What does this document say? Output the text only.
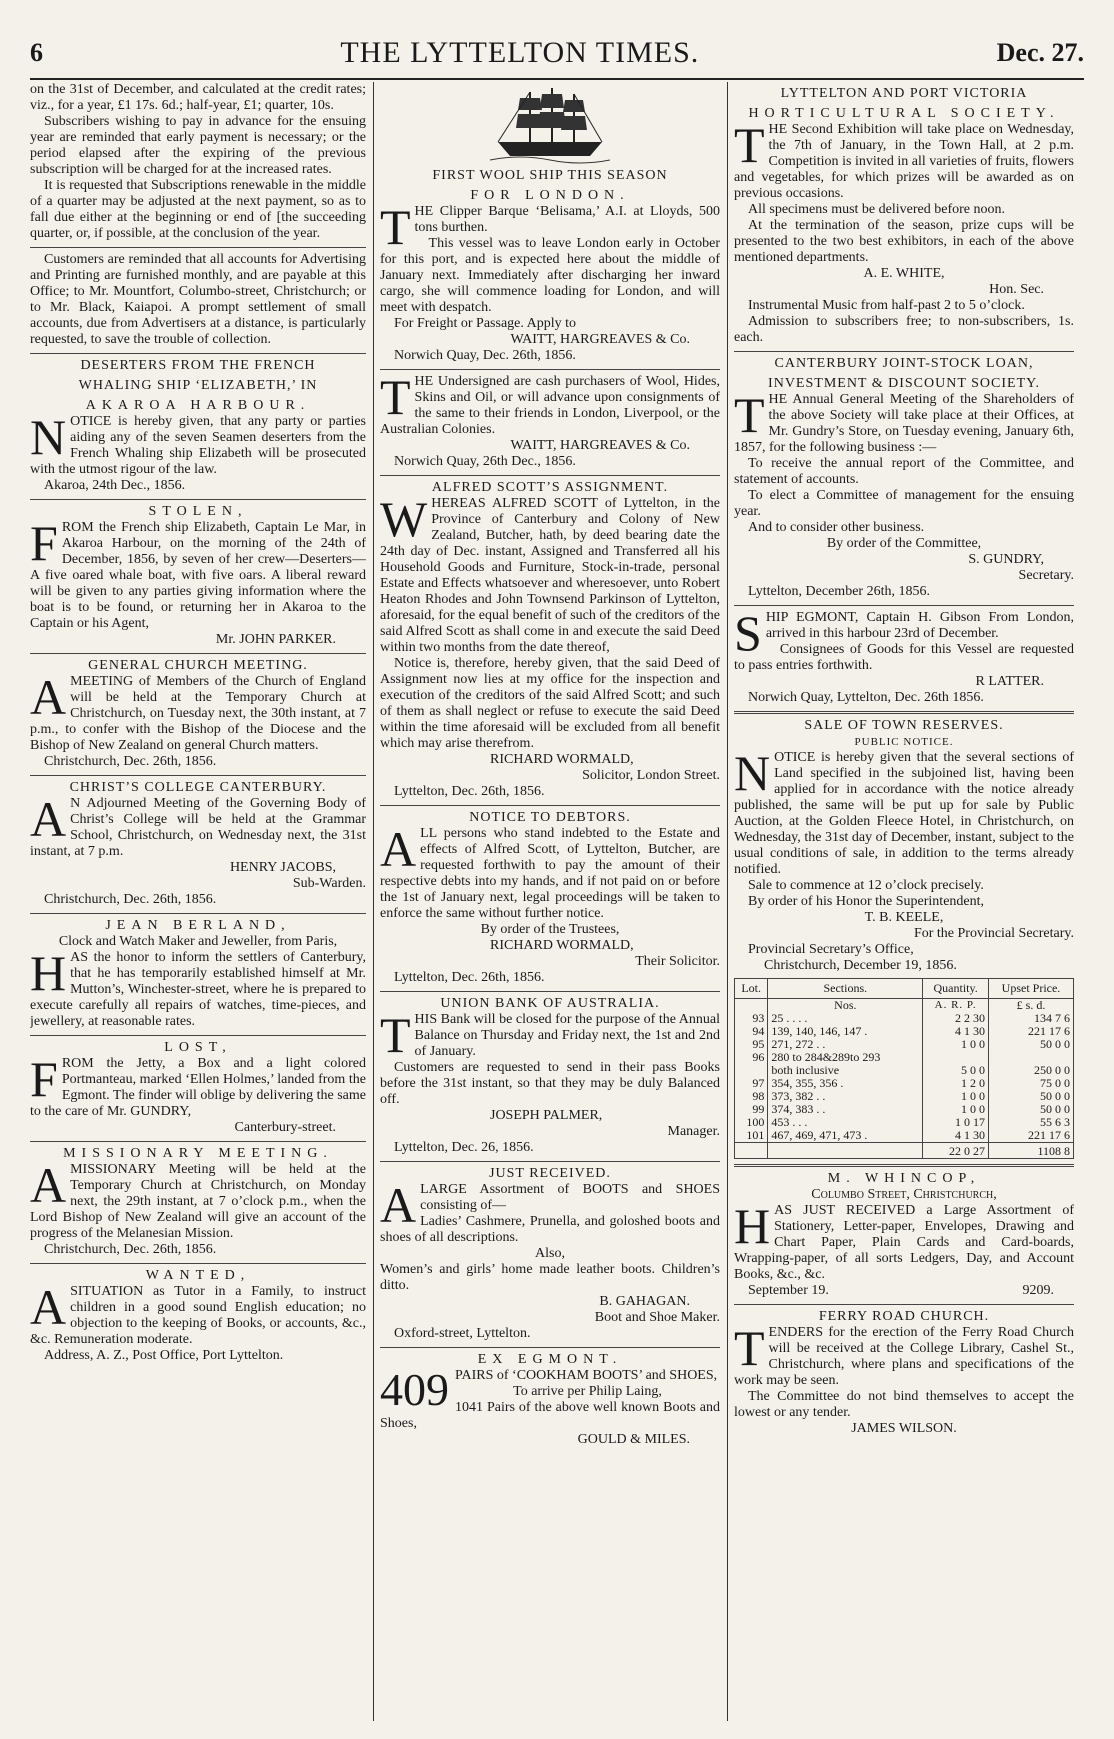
6	THE LYTTELTON TIMES.	Dec. 27.

on the 31st of December, and calculated at the credit rates; viz., for a year, £1 17s. 6d.; half-year, £1; quarter, 10s.

Subscribers wishing to pay in advance for the ensuing year are reminded that early payment is necessary; or the period elapsed after the expiring of the previous subscription will be charged for at the increased rates.

It is requested that Subscriptions renewable in the middle of a quarter may be adjusted at the next payment, so as to fall due either at the beginning or end of [the succeeding quarter, or, if possible, at the conclusion of the year.

Customers are reminded that all accounts for Advertising and Printing are furnished monthly, and are payable at this Office; to Mr. Mountfort, Columbo-street, Christchurch; or to Mr. Black, Kaiapoi. A prompt settlement of small accounts, due from Advertisers at a distance, is particularly requested, to save the trouble of collection.

DESERTERS FROM THE FRENCH

WHALING SHIP ‘ELIZABETH,’ IN

AKAROA HARBOUR.

NOTICE is hereby given, that any party or parties aiding any of the seven Seamen deserters from the French Whaling ship Elizabeth will be prosecuted with the utmost rigour of the law.

Akaroa, 24th Dec., 1856.

STOLEN,

FROM the French ship Elizabeth, Captain Le Mar, in Akaroa Harbour, on the morning of the 24th of December, 1856, by seven of her crew—Deserters—A five oared whale boat, with five oars. A liberal reward will be given to any parties giving information where the boat is to be found, or returning her in Akaroa to the Captain or his Agent,

Mr. JOHN PARKER.

GENERAL CHURCH MEETING.

AMEETING of Members of the Church of England will be held at the Temporary Church at Christchurch, on Tuesday next, the 30th instant, at 7 p.m., to confer with the Bishop of the Diocese and the Bishop of New Zealand on general Church matters.

Christchurch, Dec. 26th, 1856.

CHRIST’S COLLEGE CANTERBURY.

A N Adjourned Meeting of the Governing Body of Christ’s College will be held at the Grammar School, Christchurch, on Wednesday next, the 31st instant, at 7 p.m.

HENRY JACOBS,

Sub-Warden.

Christchurch, Dec. 26th, 1856.

JEAN BERLAND,

Clock and Watch Maker and Jeweller, from Paris,

HAS the honor to inform the settlers of Canterbury, that he has temporarily established himself at Mr. Mutton’s, Winchester-street, where he is prepared to execute carefully all repairs of watches, time-pieces, and jewellery, at reasonable rates.

LOST,

FROM the Jetty, a Box and a light colored Portmanteau, marked ‘Ellen Holmes,’ landed from the Egmont. The finder will oblige by delivering the same to the care of Mr. GUNDRY,

Canterbury-street.

MISSIONARY MEETING.

AMISSIONARY Meeting will be held at the Temporary Church at Christchurch, on Monday next, the 29th instant, at 7 o’clock p.m., when the Lord Bishop of New Zealand will give an account of the progress of the Melanesian Mission.

Christchurch, Dec. 26th, 1856.

WANTED,

ASITUATION as Tutor in a Family, to instruct children in a good sound English education; no objection to the keeping of Books, or accounts, &c., &c. Remuneration moderate.

Address, A. Z., Post Office, Port Lyttelton.

FIRST WOOL SHIP THIS SEASON

FOR LONDON.

THE Clipper Barque ‘Belisama,’ A.I. at Lloyds, 500 tons burthen.

This vessel was to leave London early in October for this port, and is expected here about the middle of January next. Immediately after discharging her inward cargo, she will commence loading for London, and will meet with despatch.

For Freight or Passage. Apply to

WAITT, HARGREAVES & Co.

Norwich Quay, Dec. 26th, 1856.

THE Undersigned are cash purchasers of Wool, Hides, Skins and Oil, or will advance upon consignments of the same to their friends in London, Liverpool, or the Australian Colonies.

WAITT, HARGREAVES & Co.

Norwich Quay, 26th Dec., 1856.

ALFRED SCOTT’S ASSIGNMENT.

WHEREAS ALFRED SCOTT of Lyttelton, in the Province of Canterbury and Colony of New Zealand, Butcher, hath, by deed bearing date the 24th day of Dec. instant, Assigned and Transferred all his Household Goods and Furniture, Stock-in-trade, personal Estate and Effects whatsoever and wheresoever, unto Robert Heaton Rhodes and John Townsend Parkinson of Lyttelton, aforesaid, for the equal benefit of such of the creditors of the said Alfred Scott as shall come in and execute the said Deed within two months from the date thereof,

Notice is, therefore, hereby given, that the said Deed of Assignment now lies at my office for the inspection and execution of the creditors of the said Alfred Scott; and such of them as shall neglect or refuse to execute the said Deed within the time aforesaid will be excluded from all benefit which may arise therefrom.

RICHARD WORMALD,

Solicitor, London Street.

Lyttelton, Dec. 26th, 1856.

NOTICE TO DEBTORS.

ALL persons who stand indebted to the Estate and effects of Alfred Scott, of Lyttelton, Butcher, are requested forthwith to pay the amount of their respective debts into my hands, and if not paid on or before the 1st of January next, legal proceedings will be taken to enforce the same without further notice.

By order of the Trustees,

RICHARD WORMALD,

Their Solicitor.

Lyttelton, Dec. 26th, 1856.

UNION BANK OF AUSTRALIA.

THIS Bank will be closed for the purpose of the Annual Balance on Thursday and Friday next, the 1st and 2nd of January.

Customers are requested to send in their pass Books before the 31st instant, so that they may be duly Balanced off.

JOSEPH PALMER,

Manager.

Lyttelton, Dec. 26, 1856.

JUST RECEIVED.

ALARGE Assortment of BOOTS and SHOES consisting of—

Ladies’ Cashmere, Prunella, and goloshed boots and shoes of all descriptions.

Also,

Women’s and girls’ home made leather boots. Children’s ditto.

B. GAHAGAN.

Boot and Shoe Maker.

Oxford-street, Lyttelton.

EX EGMONT.

409 PAIRS of ‘COOKHAM BOOTS’ and SHOES,

To arrive per Philip Laing,

1041 Pairs of the above well known Boots and Shoes,

GOULD & MILES.

LYTTELTON AND PORT VICTORIA

HORTICULTURAL SOCIETY.

THE Second Exhibition will take place on Wednesday, the 7th of January, in the Town Hall, at 2 p.m. Competition is invited in all varieties of fruits, flowers and vegetables, for which prizes will be awarded as on previous occasions.

All specimens must be delivered before noon.

At the termination of the season, prize cups will be presented to the two best exhibitors, in each of the above mentioned departments.

A. E. WHITE,

Hon. Sec.

Instrumental Music from half-past 2 to 5 o’clock.

Admission to subscribers free; to non-subscribers, 1s. each.

CANTERBURY JOINT-STOCK LOAN,

INVESTMENT & DISCOUNT SOCIETY.

THE Annual General Meeting of the Shareholders of the above Society will take place at their Offices, at Mr. Gundry’s Store, on Tuesday evening, January 6th, 1857, for the following business :—

To receive the annual report of the Committee, and statement of accounts.

To elect a Committee of management for the ensuing year.

And to consider other business.

By order of the Committee,

S. GUNDRY,

Secretary.

Lyttelton, December 26th, 1856.

SHIP EGMONT, Captain H. Gibson From London, arrived in this harbour 23rd of December.

Consignees of Goods for this Vessel are requested to pass entries forthwith.

R LATTER.

Norwich Quay, Lyttelton, Dec. 26th 1856.

SALE OF TOWN RESERVES.

PUBLIC NOTICE.

NOTICE is hereby given that the several sections of Land specified in the subjoined list, having been applied for in accordance with the notice already published, the same will be put up for sale by Public Auction, at the Golden Fleece Hotel, in Christchurch, on Wednesday, the 31st day of December, instant, subject to the usual conditions of sale, in addition to the terms already notified.

Sale to commence at 12 o’clock precisely.

By order of his Honor the Superintendent,

T. B. KEELE,

For the Provincial Secretary.

Provincial Secretary’s Office,

Christchurch, December 19, 1856.

Lot.	Sections.	Quantity.	Upset Price.
	Nos.	A. R. P.	£ s. d.
93	25 . . . .	2 2 30	134 7 6
94	139, 140, 146, 147 .	4 1 30	221 17 6
95	271, 272 . .	1 0 0	50 0 0
96	280 to 284&289to 293		
	both inclusive	5 0 0	250 0 0
97	354, 355, 356 .	1 2 0	75 0 0
98	373, 382 . .	1 0 0	50 0 0
99	374, 383 . .	1 0 0	50 0 0
100	453 . . .	1 0 17	55 6 3
101	467, 469, 471, 473 .	4 1 30	221 17 6
		22 0 27	1108 8

M. WHINCOP,

Columbo Street, Christchurch,

HAS JUST RECEIVED a Large Assortment of Stationery, Letter-paper, Envelopes, Drawing and Chart Paper, Plain Cards and Card-boards, Wrapping-paper, of all sorts Ledgers, Day, and Account Books, &c., &c.

September 19.	9209.

FERRY ROAD CHURCH.

TENDERS for the erection of the Ferry Road Church will be received at the College Library, Cashel St., Christchurch, where plans and specifications of the work may be seen.

The Committee do not bind themselves to accept the lowest or any tender.

JAMES WILSON.
